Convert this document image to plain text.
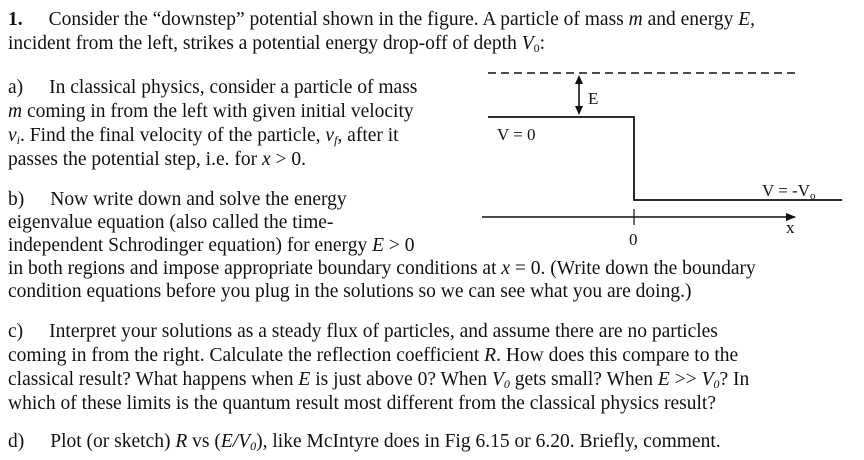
1. Consider the “downstep” potential shown in the figure. A particle of mass m and energy E,
incident from the left, strikes a potential energy drop-off of depth $V_0$:
a) In classical physics, consider a particle of mass
m coming in from the left with given initial velocity
$v_i$. Find the final velocity of the particle, $v_f$, after it
passes the potential step, i.e. for x > 0.
b) Now write down and solve the energy
eigenvalue equation (also called the time-
independent Schrodinger equation) for energy E > 0
in both regions and impose appropriate boundary conditions at x = 0. (Write down the boundary
condition equations before you plug in the solutions so we can see what you are doing.)
c) Interpret your solutions as a steady flux of particles, and assume there are no particles
coming in from the right. Calculate the reflection coefficient R. How does this compare to the
classical result? What happens when E is just above 0? When $V_0$ gets small? When $E >> V_0$? In
which of these limits is the quantum result most different from the classical physics result?
d) Plot (or sketch) R vs $(E/V_0)$, like McIntyre does in Fig 6.15 or 6.20. Briefly, comment.
E
V = 0
V = -Vo
x
0
